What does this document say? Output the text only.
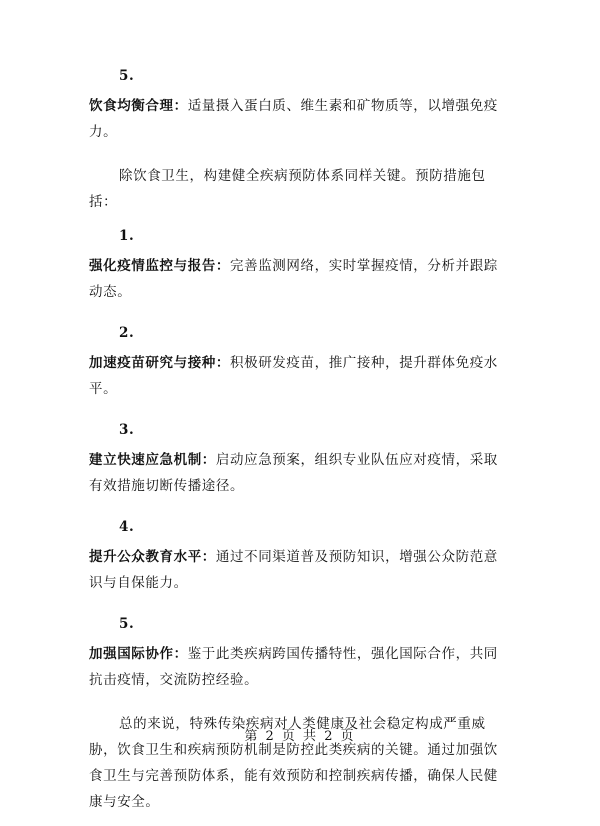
5.
饮食均衡合理：适量摄入蛋白质、维生素和矿物质等，以增强免疫力。
除饮食卫生，构建健全疾病预防体系同样关键。预防措施包括：
1.
强化疫情监控与报告：完善监测网络，实时掌握疫情，分析并跟踪动态。
2.
加速疫苗研究与接种：积极研发疫苗，推广接种，提升群体免疫水平。
3.
建立快速应急机制：启动应急预案，组织专业队伍应对疫情，采取有效措施切断传播途径。
4.
提升公众教育水平：通过不同渠道普及预防知识，增强公众防范意识与自保能力。
5.
加强国际协作：鉴于此类疾病跨国传播特性，强化国际合作，共同抗击疫情，交流防控经验。
总的来说，特殊传染疾病对人类健康及社会稳定构成严重威胁，饮食卫生和疾病预防机制是防控此类疾病的关键。通过加强饮食卫生与完善预防体系，能有效预防和控制疾病传播，确保人民健康与安全。
第 2 页 共 2 页
